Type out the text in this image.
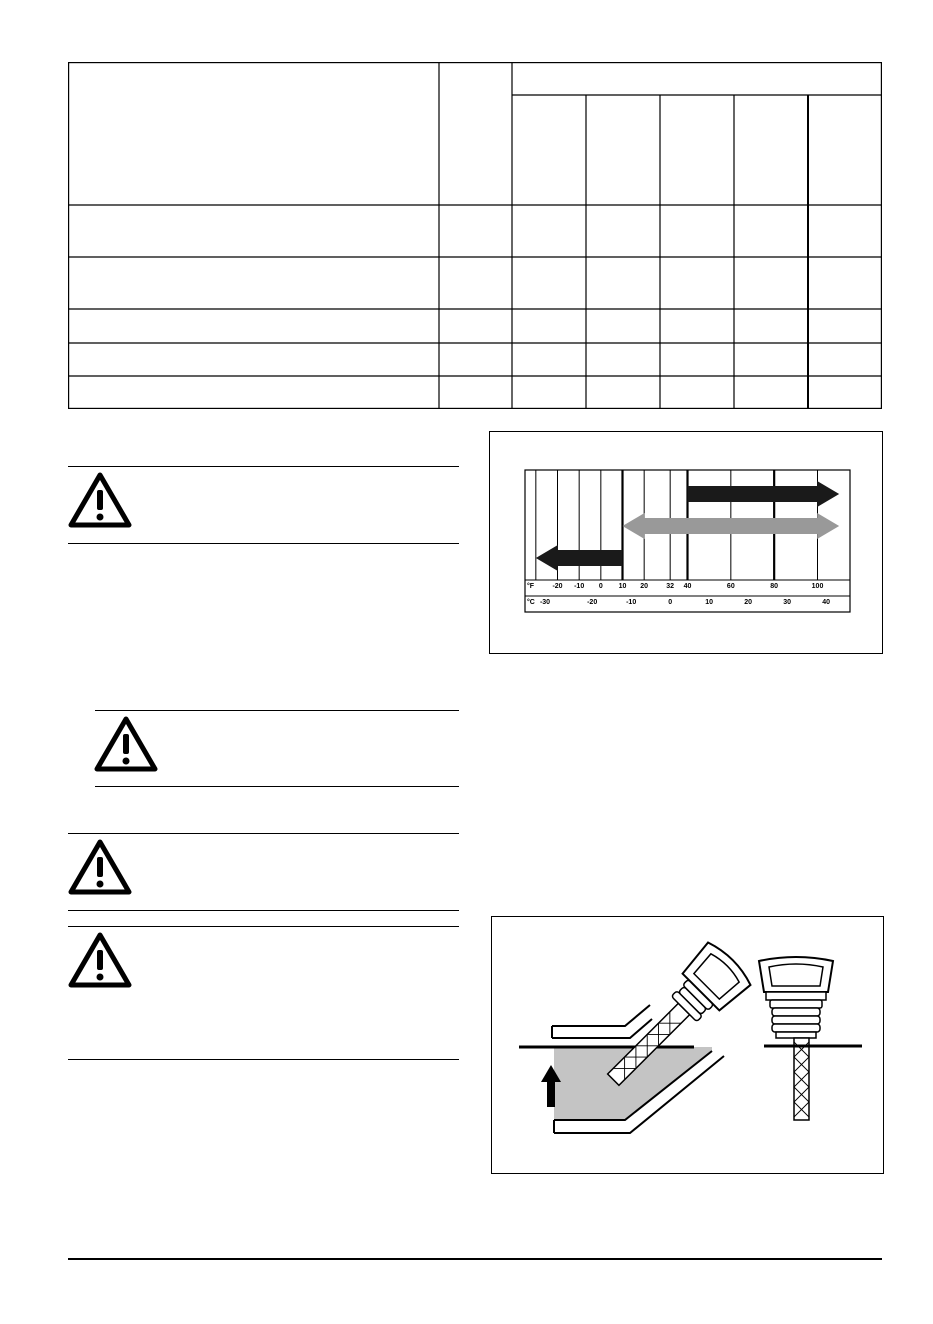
°F
°C
-20	-10	0	10	20	32	40	60	80	100
-30	-20	-10	0	10	20	30	40
